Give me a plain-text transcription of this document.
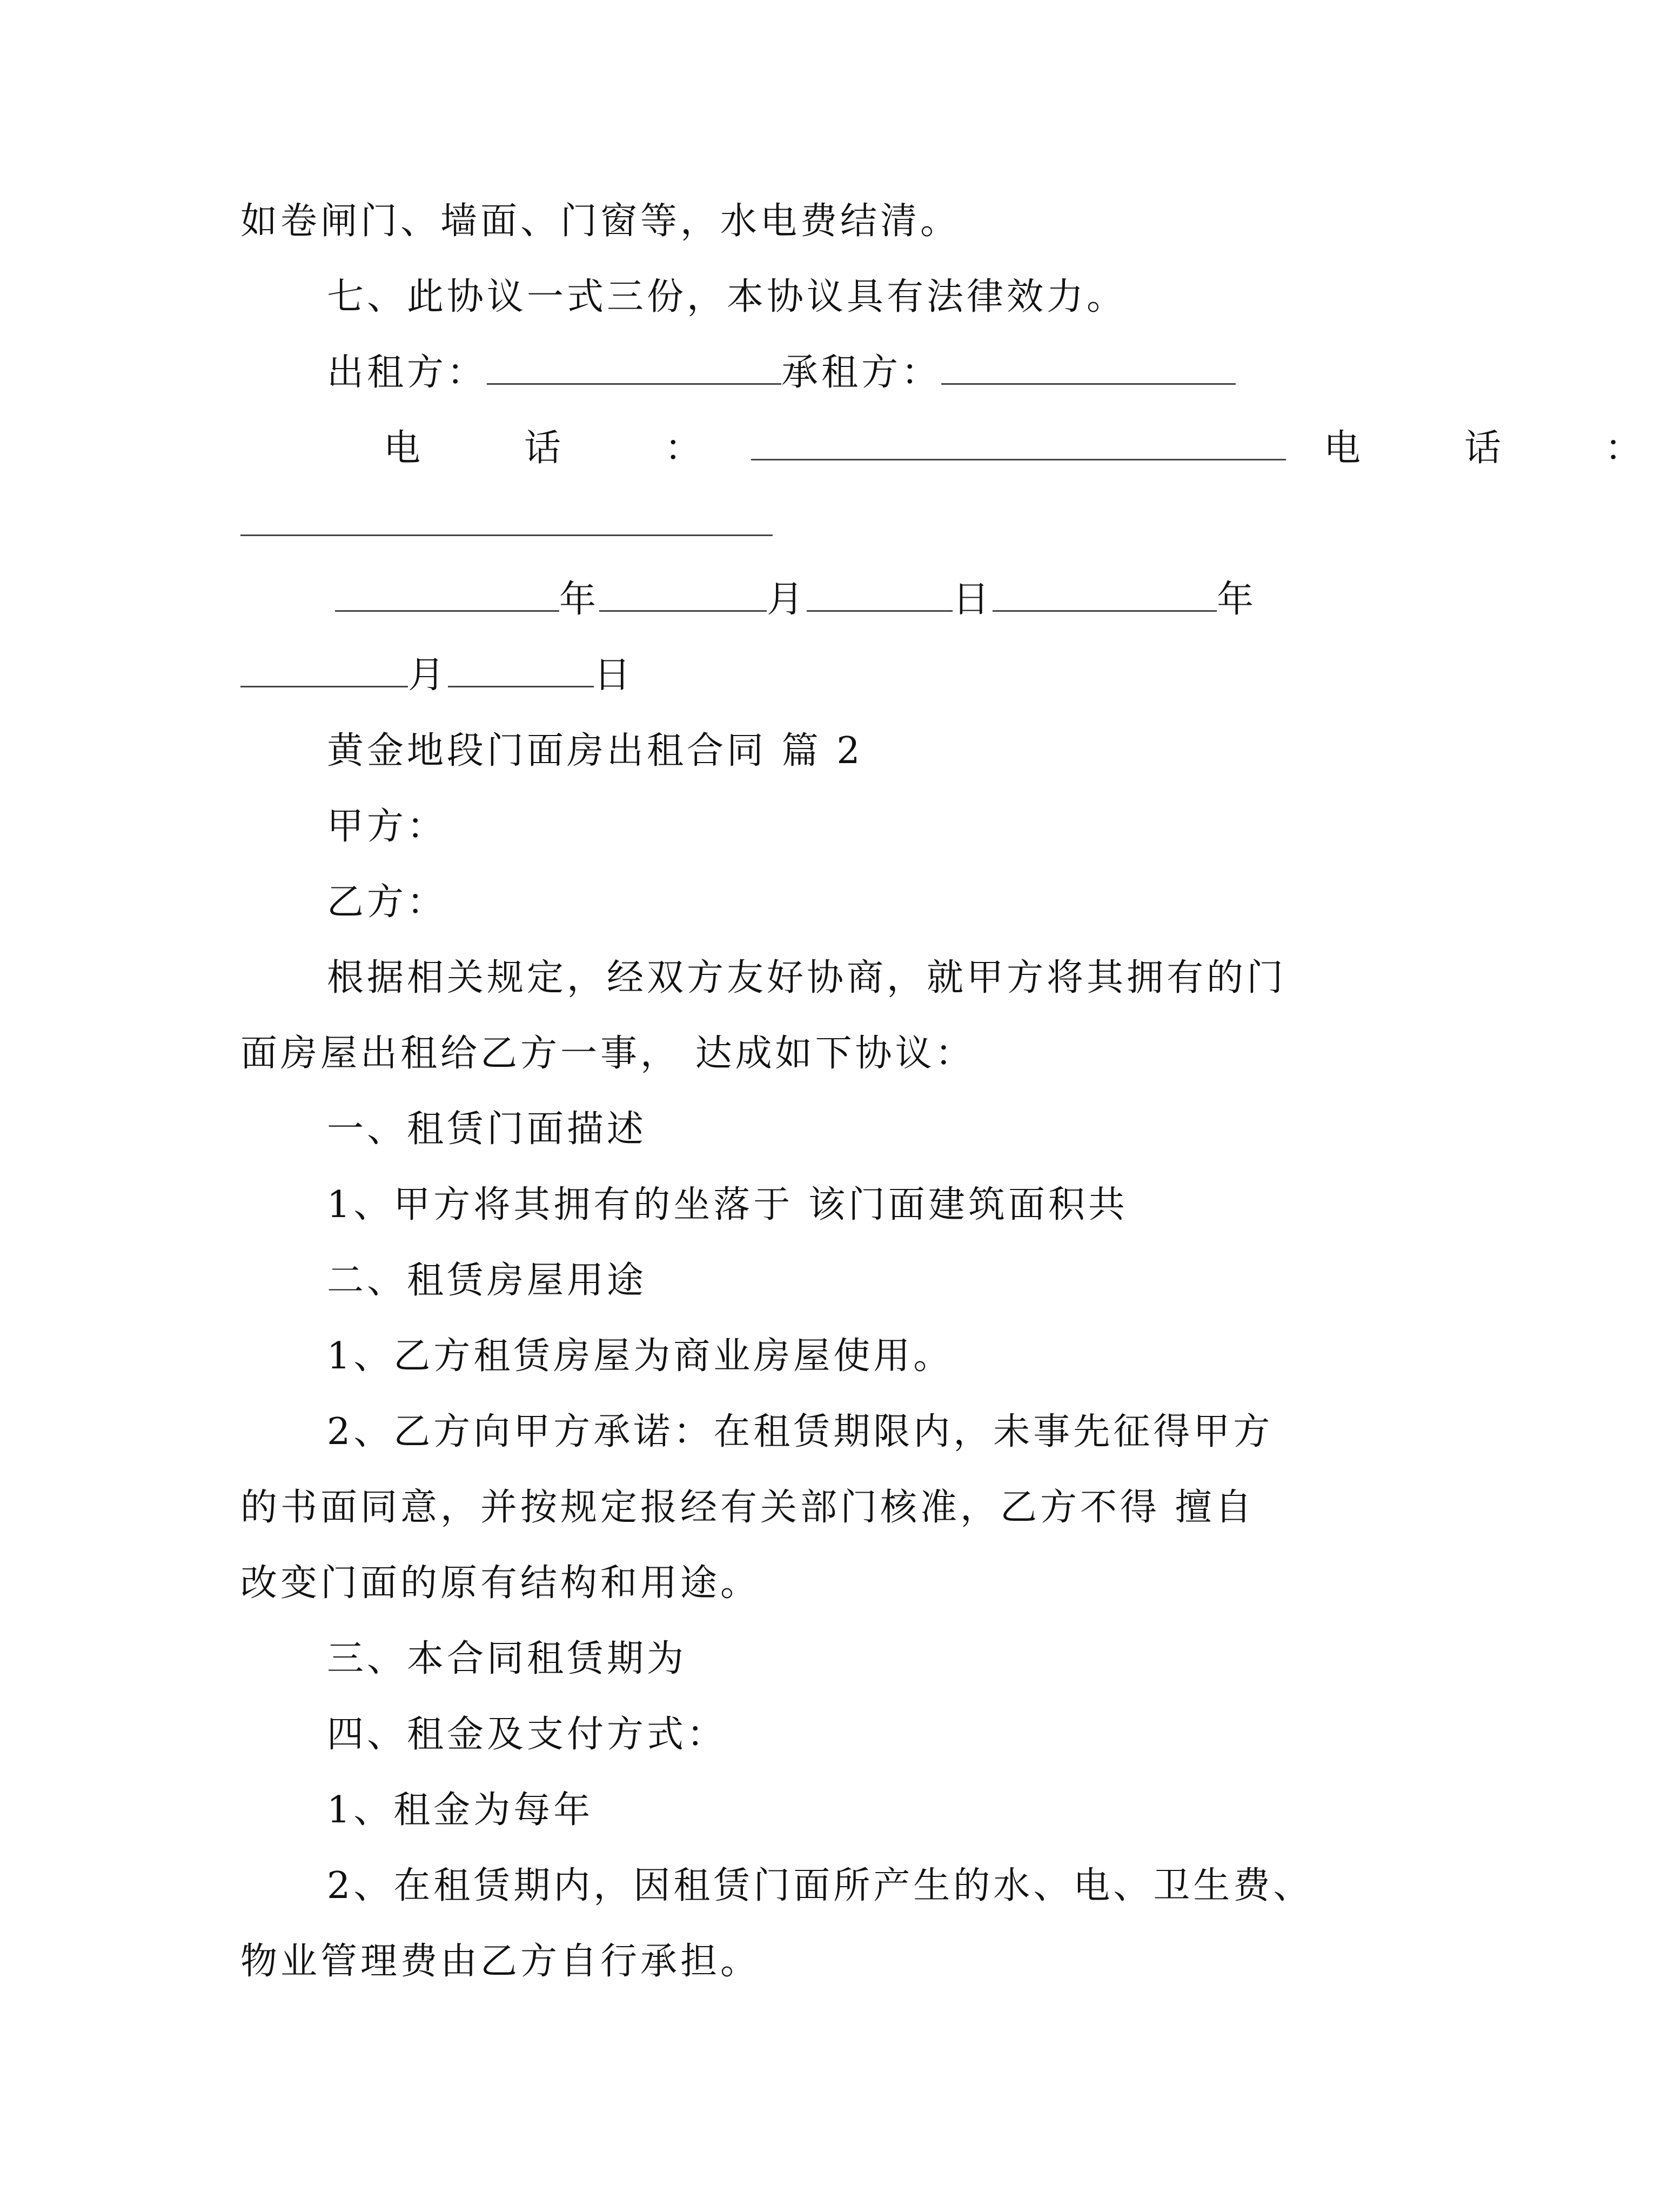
如卷闸门、墙面、门窗等，水电费结清。
七、此协议一式三份，本协议具有法律效力。
出租方：	承租方：
电　话　：	电　话　：
年	月	日	年
月	日
黄金地段门面房出租合同 篇 2
甲方：
乙方：
根据相关规定，经双方友好协商，就甲方将其拥有的门
面房屋出租给乙方一事， 达成如下协议：
一、租赁门面描述
1、甲方将其拥有的坐落于 该门面建筑面积共
二、租赁房屋用途
1、乙方租赁房屋为商业房屋使用。
2、乙方向甲方承诺：在租赁期限内，未事先征得甲方
的书面同意，并按规定报经有关部门核准，乙方不得 擅自
改变门面的原有结构和用途。
三、本合同租赁期为
四、租金及支付方式：
1、租金为每年
2、在租赁期内，因租赁门面所产生的水、电、卫生费、
物业管理费由乙方自行承担。
